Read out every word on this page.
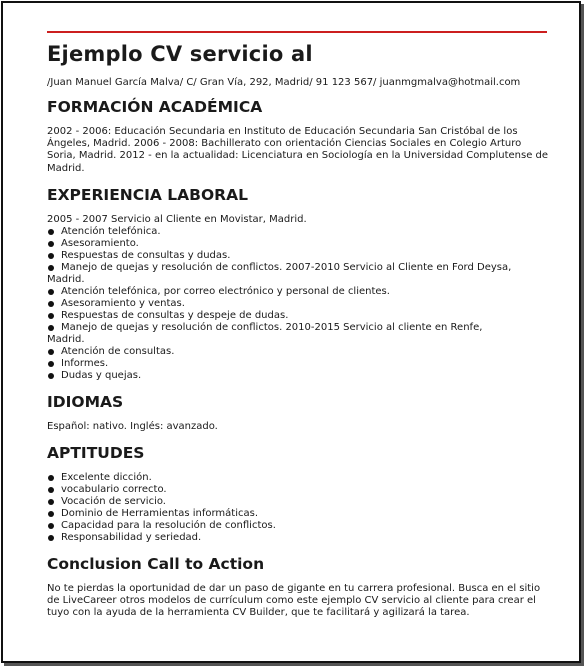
Ejemplo CV servicio al
/Juan Manuel García Malva/ C/ Gran Vía, 292, Madrid/ 91 123 567/ juanmgmalva@hotmail.com
FORMACIÓN ACADÉMICA
2002 - 2006: Educación Secundaria en Instituto de Educación Secundaria San Cristóbal de los Ángeles, Madrid. 2006 - 2008: Bachillerato con orientación Ciencias Sociales en Colegio Arturo Soria, Madrid. 2012 - en la actualidad: Licenciatura en Sociología en la Universidad Complutense de Madrid.
EXPERIENCIA LABORAL
2005 - 2007 Servicio al Cliente en Movistar, Madrid.
Atención telefónica.
Asesoramiento.
Respuestas de consultas y dudas.
Manejo de quejas y resolución de conflictos. 2007-2010 Servicio al Cliente en Ford Deysa,
Madrid.
Atención telefónica, por correo electrónico y personal de clientes.
Asesoramiento y ventas.
Respuestas de consultas y despeje de dudas.
Manejo de quejas y resolución de conflictos. 2010-2015 Servicio al cliente en Renfe,
Madrid.
Atención de consultas.
Informes.
Dudas y quejas.
IDIOMAS
Español: nativo. Inglés: avanzado.
APTITUDES
Excelente dicción.
vocabulario correcto.
Vocación de servicio.
Dominio de Herramientas informáticas.
Capacidad para la resolución de conflictos.
Responsabilidad y seriedad.
Conclusion Call to Action
No te pierdas la oportunidad de dar un paso de gigante en tu carrera profesional. Busca en el sitio de LiveCareer otros modelos de currículum como este ejemplo CV servicio al cliente para crear el tuyo con la ayuda de la herramienta CV Builder, que te facilitará y agilizará la tarea.
